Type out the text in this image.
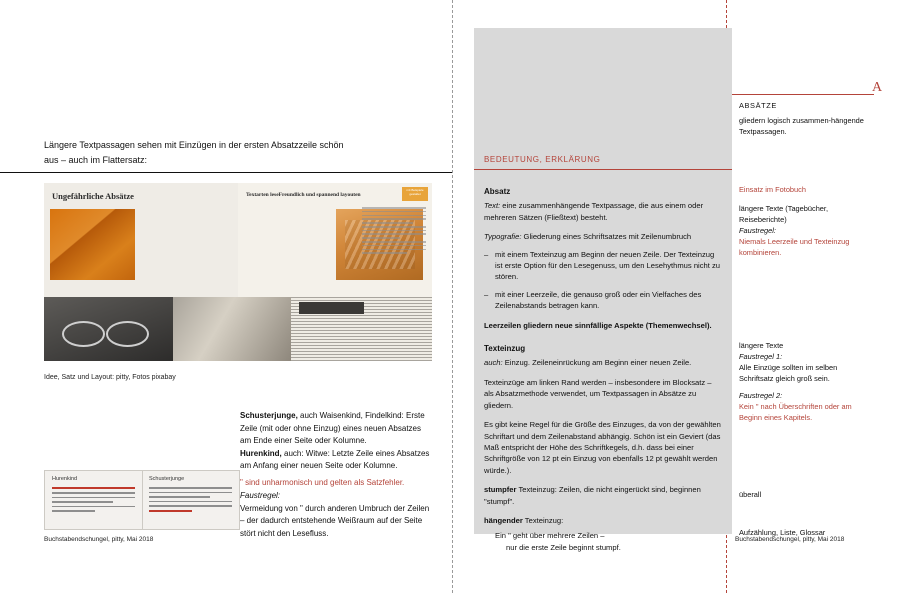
Längere Textpassagen sehen mit Einzügen in der ersten Absatzzeile schön aus – auch im Flattersatz:
Ungefährliche Absätze	Textarten leseFreundlich und spannend layouten
mit Beispiele gestaltet
Idee, Satz und Layout: pitty, Fotos pixabay
Schusterjunge, auch Waisenkind, Findelkind: Erste Zeile (mit oder ohne Einzug) eines neuen Absatzes am Ende einer Seite oder Kolumne.
Hurenkind, auch: Witwe: Letzte Zeile eines Absatzes am Anfang einer neuen Seite oder Kolumne.
Hurenkind	Schusterjunge	" sind unharmonisch und gelten als Satzfehler.
Faustregel:
Vermeidung von " durch anderen Umbruch der Zeilen – der dadurch entstehende Weißraum auf der Seite stört nicht den Lesefluss.
Buchstabendschungel, pitty, Mai 2018
A
BEDEUTUNG, ERKLÄRUNG
Absatz

Text: eine zusammenhängende Textpassage, die aus einem oder mehreren Sätzen (Fließtext) besteht.

Typografie: Gliederung eines Schriftsatzes mit Zeilenumbruch

– mit einem Texteinzug am Beginn der neuen Zeile. Der Texteinzug ist erste Option für den Lesegenuss, um den Lesehythmus nicht zu stören.
– mit einer Leerzeile, die genauso groß oder ein Vielfaches des Zeilenabstands betragen kann.

Leerzeilen gliedern neue sinnfällige Aspekte (Themenwechsel).

Texteinzug

auch: Einzug. Zeileneinrückung am Beginn einer neuen Zeile.

Texteinzüge am linken Rand werden – insbesondere im Blocksatz – als Absatzmethode verwendet, um Textpassagen in Absätze zu gliedern.

Es gibt keine Regel für die Größe des Einzuges, da von der gewählten Schriftart und dem Zeilenabstand abhängig. Schön ist ein Geviert (das Maß entspricht der Höhe des Schriftkegels, d.h. dass bei einer Schriftgröße von 12 pt ein Einzug von ebenfalls 12 pt gewählt werden würde.).

stumpfer Texteinzug: Zeilen, die nicht eingerückt sind, beginnen "stumpf".

hängender Texteinzug:

Ein " geht über mehrere Zeilen –
nur die erste Zeile beginnt stumpf.
ABSÄTZE
gliedern logisch zusammen-hängende Textpassagen.
Einsatz im Fotobuch
längere Texte (Tagebücher, Reiseberichte)
Faustregel:
Niemals Leerzeile und Texteinzug kombinieren.
längere Texte
Faustregel 1:
Alle Einzüge sollten im selben Schriftsatz gleich groß sein.
Faustregel 2:
Kein " nach Überschriften oder am Beginn eines Kapitels.
überall
Aufzählung, Liste, Glossar
Buchstabendschungel, pitty, Mai 2018
